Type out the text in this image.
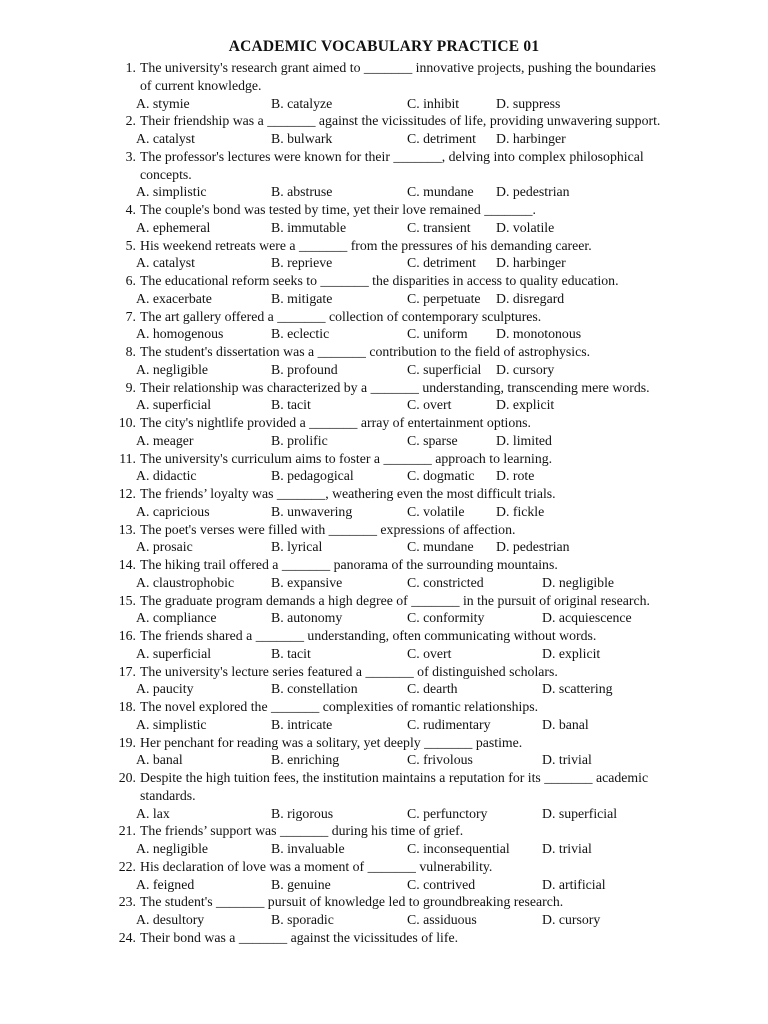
ACADEMIC VOCABULARY PRACTICE 01
1. The university's research grant aimed to _______ innovative projects, pushing the boundaries of current knowledge.
A. stymie	B. catalyze	C. inhibit	D. suppress
2. Their friendship was a _______ against the vicissitudes of life, providing unwavering support.
A. catalyst	B. bulwark	C. detriment D. harbinger
3. The professor's lectures were known for their _______, delving into complex philosophical concepts.
A. simplistic	B. abstruse	C. mundane D. pedestrian
4. The couple's bond was tested by time, yet their love remained _______.
A. ephemeral	B. immutable	C. transient D. volatile
5. His weekend retreats were a _______ from the pressures of his demanding career.
A. catalyst	B. reprieve	C. detriment D. harbinger
6. The educational reform seeks to _______ the disparities in access to quality education.
A. exacerbate	B. mitigate	C. perpetuate D. disregard
7. The art gallery offered a _______ collection of contemporary sculptures.
A. homogenous	B. eclectic	C. uniform D. monotonous
8. The student's dissertation was a _______ contribution to the field of astrophysics.
A. negligible	B. profound	C. superficial D. cursory
9. Their relationship was characterized by a _______ understanding, transcending mere words.
A. superficial	B. tacit	C. overt	D. explicit
10. The city's nightlife provided a _______ array of entertainment options.
A. meager	B. prolific	C. sparse	D. limited
11. The university's curriculum aims to foster a _______ approach to learning.
A. didactic	B. pedagogical	C. dogmatic D. rote
12. The friends’ loyalty was _______, weathering even the most difficult trials.
A. capricious	B. unwavering	C. volatile D. fickle
13. The poet's verses were filled with _______ expressions of affection.
A. prosaic	B. lyrical	C. mundane D. pedestrian
14. The hiking trail offered a _______ panorama of the surrounding mountains.
A. claustrophobic	B. expansive	C. constricted	D. negligible
15. The graduate program demands a high degree of _______ in the pursuit of original research.
A. compliance	B. autonomy	C. conformity	D. acquiescence
16. The friends shared a _______ understanding, often communicating without words.
A. superficial	B. tacit	C. overt	D. explicit
17. The university's lecture series featured a _______ of distinguished scholars.
A. paucity	B. constellation	C. dearth	D. scattering
18. The novel explored the _______ complexities of romantic relationships.
A. simplistic	B. intricate	C. rudimentary	D. banal
19. Her penchant for reading was a solitary, yet deeply _______ pastime.
A. banal	B. enriching	C. frivolous	D. trivial
20. Despite the high tuition fees, the institution maintains a reputation for its _______ academic standards.
A. lax	B. rigorous	C. perfunctory	D. superficial
21. The friends’ support was _______ during his time of grief.
A. negligible	B. invaluable	C. inconsequential D. trivial
22. His declaration of love was a moment of _______ vulnerability.
A. feigned	B. genuine	C. contrived	D. artificial
23. The student's _______ pursuit of knowledge led to groundbreaking research.
A. desultory	B. sporadic	C. assiduous	D. cursory
24. Their bond was a _______ against the vicissitudes of life.
